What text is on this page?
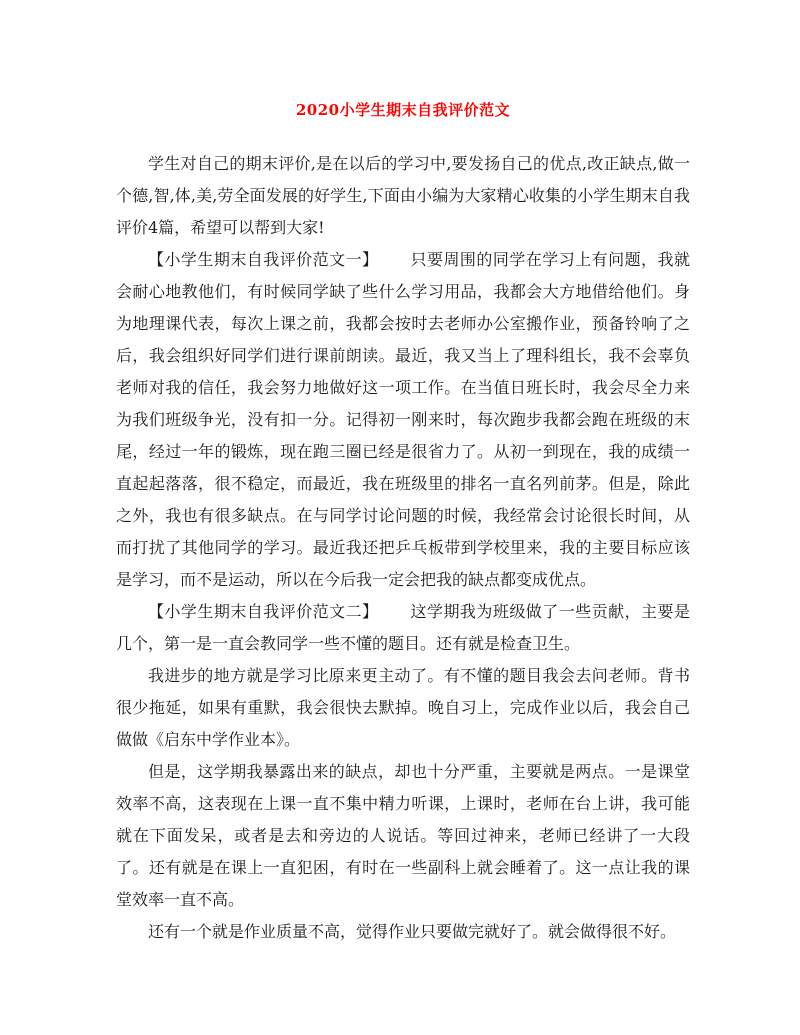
2020小学生期末自我评价范文

学生对自己的期末评价,是在以后的学习中,要发扬自己的优点,改正缺点,做一个德,智,体,美,劳全面发展的好学生,下面由小编为大家精心收集的小学生期末自我评价4篇，希望可以帮到大家!

【小学生期末自我评价范文一】 只要周围的同学在学习上有问题，我就会耐心地教他们，有时候同学缺了些什么学习用品，我都会大方地借给他们。身为地理课代表，每次上课之前，我都会按时去老师办公室搬作业，预备铃响了之后，我会组织好同学们进行课前朗读。最近，我又当上了理科组长，我不会辜负老师对我的信任，我会努力地做好这一项工作。在当值日班长时，我会尽全力来为我们班级争光，没有扣一分。记得初一刚来时，每次跑步我都会跑在班级的末尾，经过一年的锻炼，现在跑三圈已经是很省力了。从初一到现在，我的成绩一直起起落落，很不稳定，而最近，我在班级里的排名一直名列前茅。但是，除此之外，我也有很多缺点。在与同学讨论问题的时候，我经常会讨论很长时间，从而打扰了其他同学的学习。最近我还把乒乓板带到学校里来，我的主要目标应该是学习，而不是运动，所以在今后我一定会把我的缺点都变成优点。

【小学生期末自我评价范文二】 这学期我为班级做了一些贡献，主要是几个，第一是一直会教同学一些不懂的题目。还有就是检查卫生。

我进步的地方就是学习比原来更主动了。有不懂的题目我会去问老师。背书很少拖延，如果有重默，我会很快去默掉。晚自习上，完成作业以后，我会自己做做《启东中学作业本》。

但是，这学期我暴露出来的缺点，却也十分严重，主要就是两点。一是课堂效率不高，这表现在上课一直不集中精力听课，上课时，老师在台上讲，我可能就在下面发呆，或者是去和旁边的人说话。等回过神来，老师已经讲了一大段了。还有就是在课上一直犯困，有时在一些副科上就会睡着了。这一点让我的课堂效率一直不高。

还有一个就是作业质量不高，觉得作业只要做完就好了。就会做得很不好。
